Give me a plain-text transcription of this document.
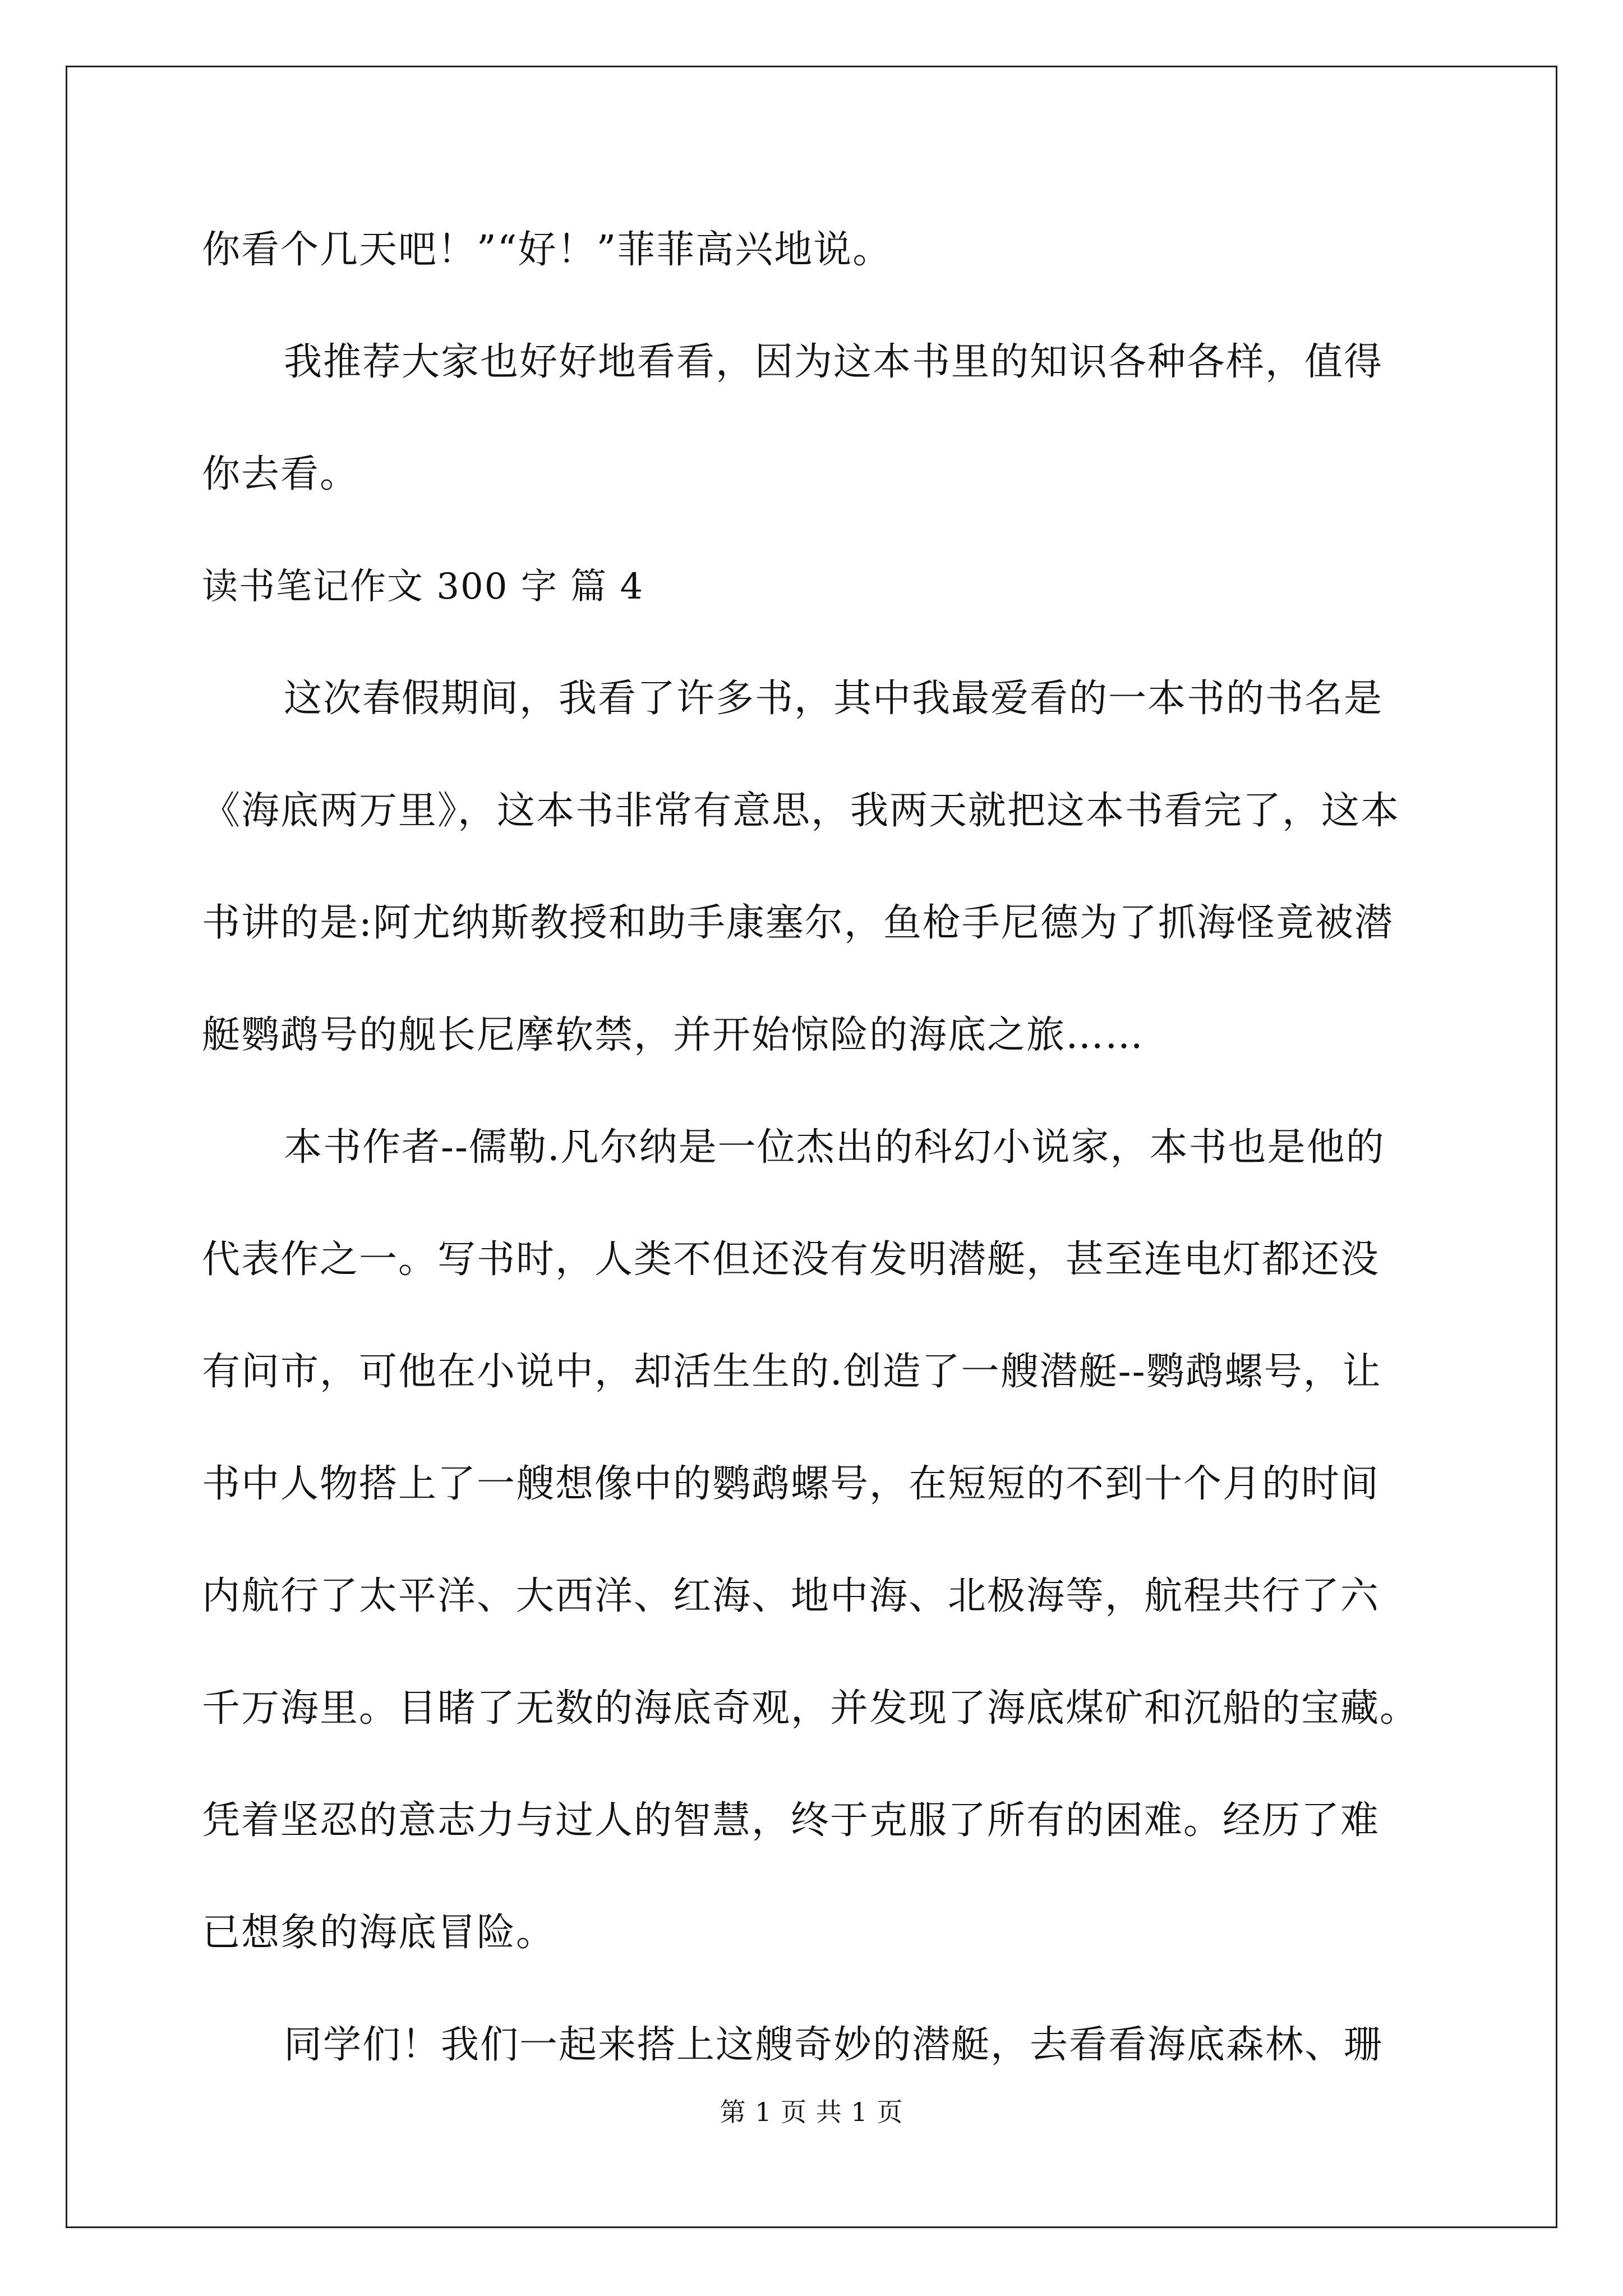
你看个几天吧！”“好！”菲菲高兴地说。
我推荐大家也好好地看看，因为这本书里的知识各种各样，值得
你去看。
读书笔记作文 300 字 篇 4
这次春假期间，我看了许多书，其中我最爱看的一本书的书名是
《海底两万里》，这本书非常有意思，我两天就把这本书看完了，这本
书讲的是:阿尤纳斯教授和助手康塞尔，鱼枪手尼德为了抓海怪竟被潜
艇鹦鹉号的舰长尼摩软禁，并开始惊险的海底之旅……
本书作者--儒勒.凡尔纳是一位杰出的科幻小说家，本书也是他的
代表作之一。写书时，人类不但还没有发明潜艇，甚至连电灯都还没
有问市，可他在小说中，却活生生的.创造了一艘潜艇--鹦鹉螺号，让
书中人物搭上了一艘想像中的鹦鹉螺号，在短短的不到十个月的时间
内航行了太平洋、大西洋、红海、地中海、北极海等，航程共行了六
千万海里。目睹了无数的海底奇观，并发现了海底煤矿和沉船的宝藏。
凭着坚忍的意志力与过人的智慧，终于克服了所有的困难。经历了难
已想象的海底冒险。
同学们！我们一起来搭上这艘奇妙的潜艇，去看看海底森林、珊
第 1 页 共 1 页
